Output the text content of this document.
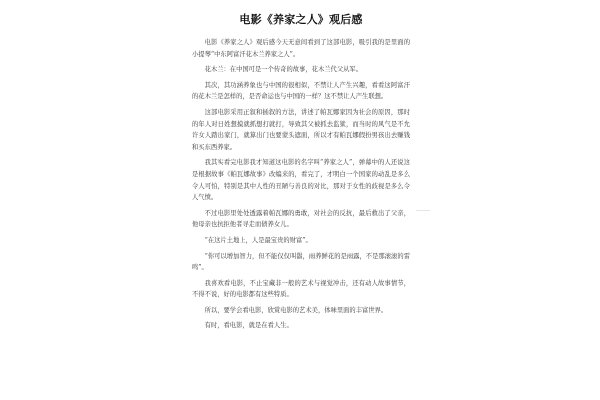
电影《养家之人》观后感

电影《养家之人》观后感今天无意间看到了这部电影，吸引我的是里面的小提琴“中东阿富汗花木兰养家之人”。

花木兰：在中国可是一个传奇的故事，花木兰代父从军。

其次，其功涵养象也与中国的很相似，不禁让人产生兴趣，看看这阿富汗的花木兰是怎样的，是否命运也与中国的一样？这不禁让人产生联想。

这部电影采用正叙和插叙的方法，讲述了帕瓦娜家因为社会的原因，那时的年人对日姓想摸就抓想打就打，导致其父被抓去监狱，而当时的风气是不允许女人踏出家门，就算出门也要蒙头遮面，所以才有帕瓦娜假扮男孩出去赚钱和买东西养家。

我其实看完电影我才知道这电影的名字叫“养家之人”，弹幕中的人还说这是根据故事《帕瓦娜故事》改编来的，看完了，才明白一个国家的动乱是多么令人可怕，特别是其中人性的丑陋与善良的对比，那对于女性的歧视是多么令人气愤。

不过电影里处处透露着帕瓦娜的勇敢，对社会的反抗，最后救出了父亲，他母亲也抗拒他者寻走而债养女儿。

“在这片土地上，人是最宝贵的财富”。

“你可以增加智力，但不能仅仅叫嚣，雨养鲜花的是雨露，不是那滚滚的雷鸣”。

我喜欢看电影，不止宝藏非一般的艺术与视觉冲击，还有动人故事情节，不得不说，好的电影都有这些特质。

所以，要学会看电影，欣赏电影的艺术美，体味里面的丰富世界。

有时，看电影，就是在看人生。
